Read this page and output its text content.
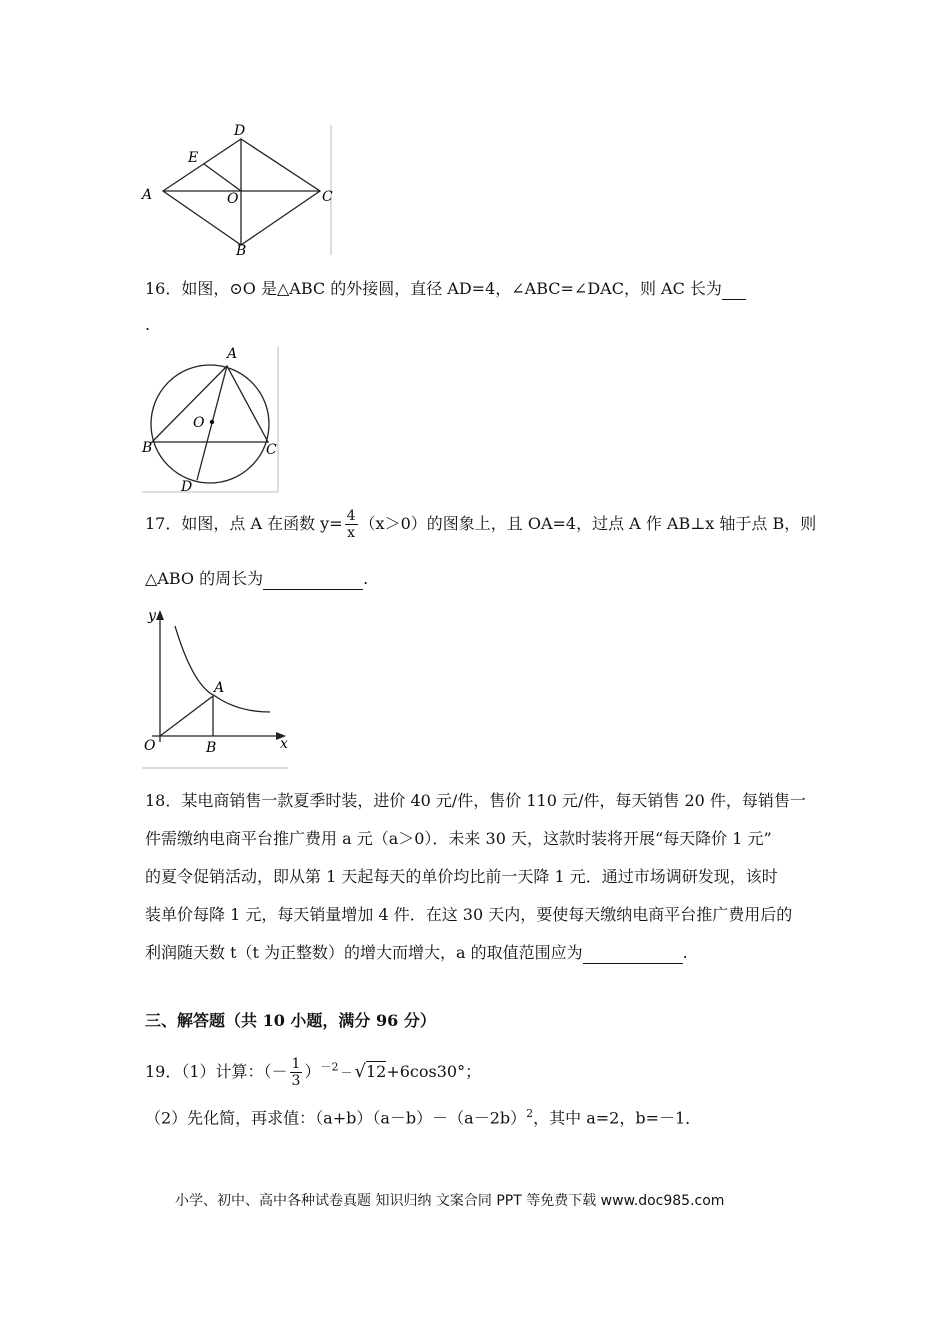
D
E
A	O	C
B
16．如图，⊙O 是△ABC 的外接圆，直径 AD=4，∠ABC=∠DAC，则 AC 长为
.
A
O
B	C
D
17．如图，点 A 在函数 $y= \frac{4}{x} (x>0)$的图象上，且 OA=4，过点 A 作 AB⊥x 轴于点 B，则
△ABO 的周长为	.
y
x
O
A
B
18．某电商销售一款夏季时装，进价 40 元/件，售价 110 元/件，每天销售 20 件，每销售一
件需缴纳电商平台推广费用 a 元（a＞0）．未来 30 天，这款时装将开展“每天降价 1 元”
的夏令促销活动，即从第 1 天起每天的单价均比前一天降 1 元．通过市场调研发现，该时
装单价每降 1 元，每天销量增加 4 件．在这 30 天内，要使每天缴纳电商平台推广费用后的
利润随天数 t（t 为正整数）的增大而增大，a 的取值范围应为	.
三、解答题（共 10 小题，满分 96 分）
19．（1）计算：（－ $\frac{1}{3} )^{-2} - √12+6\cos 30^\circ$；
（2）先化简，再求值：$(a+b)(a-b)-(a-2b)^2$，其中 a=2，b=－1．
小学、初中、高中各种试卷真题 知识归纳 文案合同 PPT 等免费下载 www.doc985.com
